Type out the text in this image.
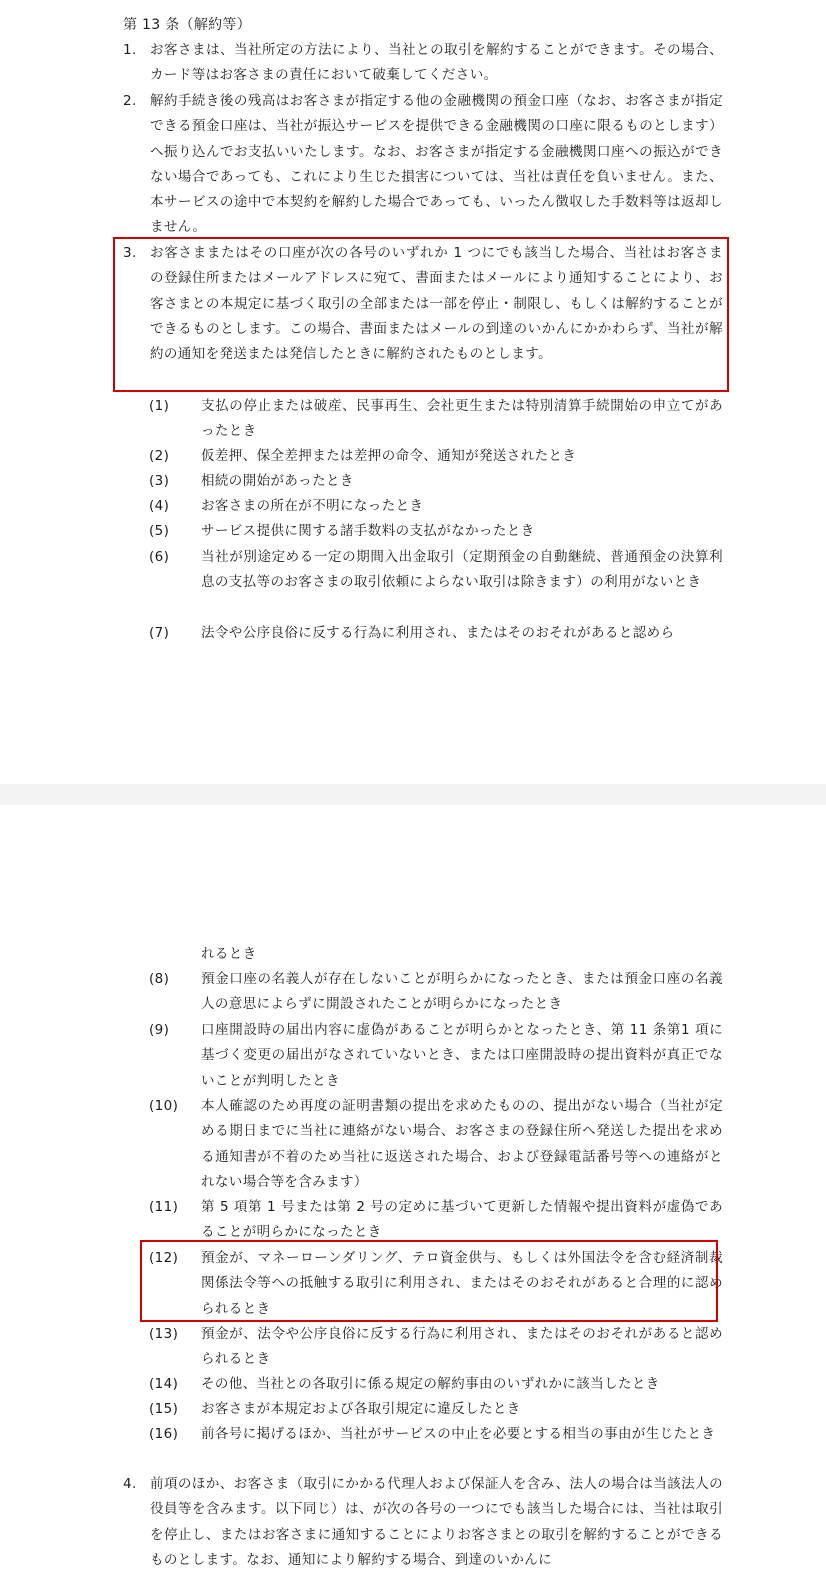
第 13 条（解約等）
1. お客さまは、当社所定の方法により、当社との取引を解約することができます。その場合、カード等はお客さまの責任において破棄してください。
2. 解約手続き後の残高はお客さまが指定する他の金融機関の預金口座（なお、お客さまが指定できる預金口座は、当社が振込サービスを提供できる金融機関の口座に限るものとします）へ振り込んでお支払いいたします。なお、お客さまが指定する金融機関口座への振込ができない場合であっても、これにより生じた損害については、当社は責任を負いません。また、本サービスの途中で本契約を解約した場合であっても、いったん徴収した手数料等は返却しません。
3. お客さままたはその口座が次の各号のいずれか 1 つにでも該当した場合、当社はお客さまの登録住所またはメールアドレスに宛て、書面またはメールにより通知することにより、お客さまとの本規定に基づく取引の全部または一部を停止・制限し、もしくは解約することができるものとします。この場合、書面またはメールの到達のいかんにかかわらず、当社が解約の通知を発送または発信したときに解約されたものとします。
(1) 支払の停止または破産、民事再生、会社更生または特別清算手続開始の申立てがあったとき
(2) 仮差押、保全差押または差押の命令、通知が発送されたとき
(3) 相続の開始があったとき
(4) お客さまの所在が不明になったとき
(5) サービス提供に関する諸手数料の支払がなかったとき
(6) 当社が別途定める一定の期間入出金取引（定期預金の自動継続、普通預金の決算利息の支払等のお客さまの取引依頼によらない取引は除きます）の利用がないとき
(7) 法令や公序良俗に反する行為に利用され、またはそのおそれがあると認めら
れるとき
(8) 預金口座の名義人が存在しないことが明らかになったとき、または預金口座の名義人の意思によらずに開設されたことが明らかになったとき
(9) 口座開設時の届出内容に虚偽があることが明らかとなったとき、第 11 条第1 項に基づく変更の届出がなされていないとき、または口座開設時の提出資料が真正でないことが判明したとき
(10) 本人確認のため再度の証明書類の提出を求めたものの、提出がない場合（当社が定める期日までに当社に連絡がない場合、お客さまの登録住所へ発送した提出を求める通知書が不着のため当社に返送された場合、および登録電話番号等への連絡がとれない場合等を含みます）
(11) 第 5 項第 1 号または第 2 号の定めに基づいて更新した情報や提出資料が虚偽であることが明らかになったとき
(12) 預金が、マネーローンダリング、テロ資金供与、もしくは外国法令を含む経済制裁関係法令等への抵触する取引に利用され、またはそのおそれがあると合理的に認められるとき
(13) 預金が、法令や公序良俗に反する行為に利用され、またはそのおそれがあると認められるとき
(14) その他、当社との各取引に係る規定の解約事由のいずれかに該当したとき
(15) お客さまが本規定および各取引規定に違反したとき
(16) 前各号に掲げるほか、当社がサービスの中止を必要とする相当の事由が生じたとき
4. 前項のほか、お客さま（取引にかかる代理人および保証人を含み、法人の場合は当該法人の役員等を含みます。以下同じ）は、が次の各号の一つにでも該当した場合には、当社は取引を停止し、またはお客さまに通知することによりお客さまとの取引を解約することができるものとします。なお、通知により解約する場合、到達のいかんに
